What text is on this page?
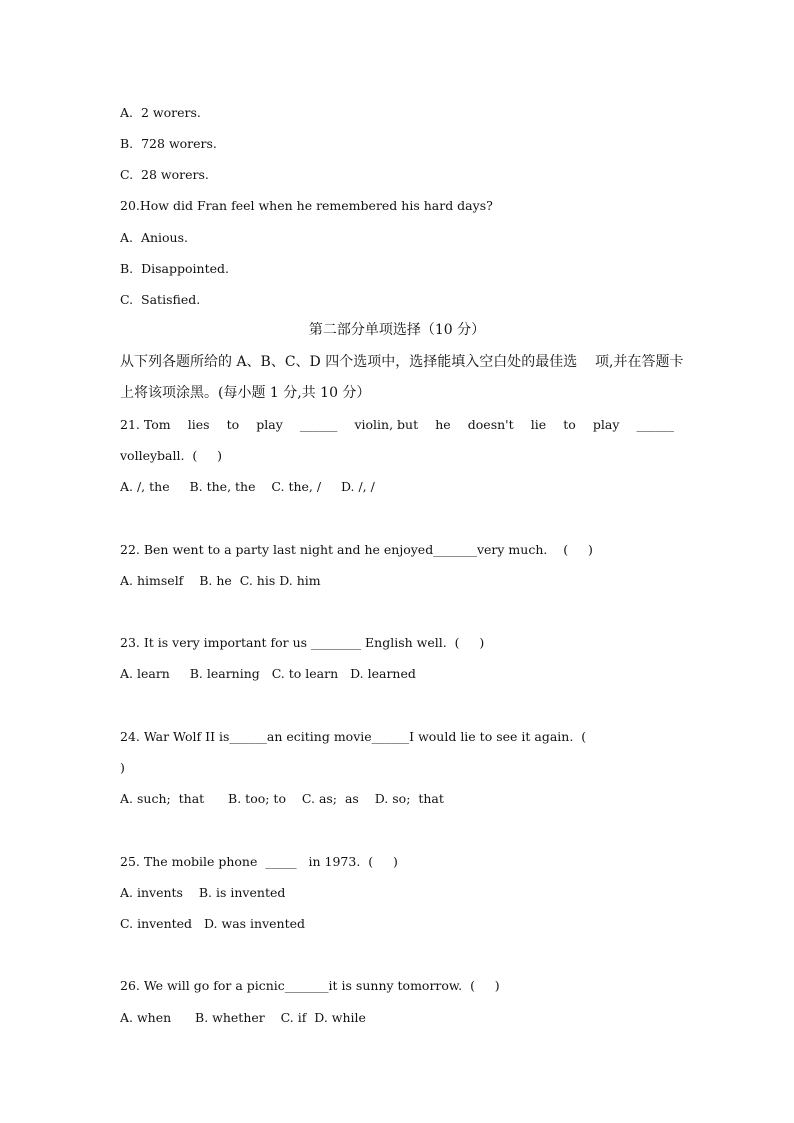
A.  2 worers.

B.  728 worers.

C.  28 worers.

20.How did Fran feel when he remembered his hard days?

A.  Anious.

B.  Disappointed.

C.  Satisfied.

第二部分单项选择（10 分）

从下列各题所给的 A、B、C、D 四个选项中，选择能填入空白处的最佳选    项,并在答题卡

上将该项涂黑。(每小题 1 分,共 10 分）

21. Tom lies to play ______ violin, but he doesn't lie to play ______

volleyball.  (     )

A. /, the     B. the, the    C. the, /     D. /, /

22. Ben went to a party last night and he enjoyed_______very much.    (     )

A. himself    B. he  C. his D. him

23. It is very important for us ________ English well.  (     )

A. learn     B. learning   C. to learn   D. learned

24. War Wolf II is______an eciting movie______I would lie to see it again.  (

)

A. such;  that      B. too; to    C. as;  as    D. so;  that

25. The mobile phone  _____   in 1973.  (     )

A. invents    B. is invented

C. invented   D. was invented

26. We will go for a picnic_______it is sunny tomorrow.  (     )

A. when      B. whether    C. if  D. while
